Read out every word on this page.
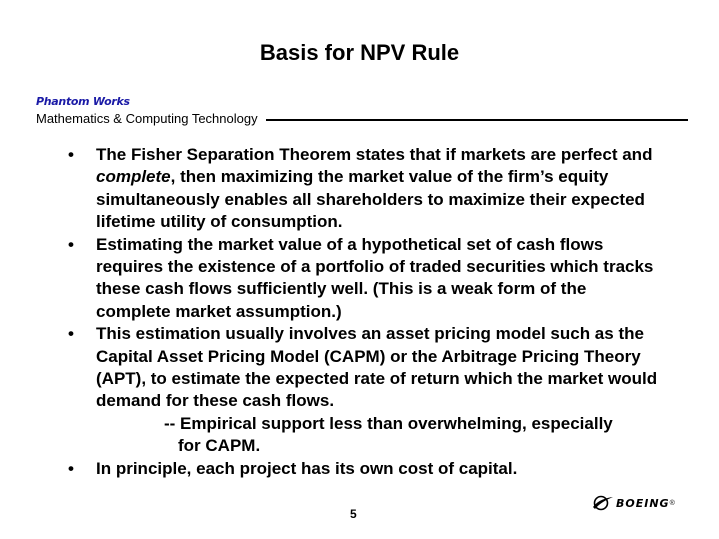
Basis for NPV Rule
Phantom Works
Mathematics & Computing Technology
•	The Fisher Separation Theorem states that if markets are perfect and complete, then maximizing the market value of the firm’s equity simultaneously enables all shareholders to maximize their expected lifetime utility of consumption.
•	Estimating the market value of a hypothetical set of cash flows requires the existence of a portfolio of traded securities which tracks these cash flows sufficiently well. (This is a weak form of the complete market assumption.)
•	This estimation usually involves an asset pricing model such as the Capital Asset Pricing Model (CAPM) or the Arbitrage Pricing Theory (APT), to estimate the expected rate of return which the market would demand for these cash flows.
-- Empirical support less than overwhelming, especially
for CAPM.
•	In principle, each project has its own cost of capital.
5
BOEING ®
